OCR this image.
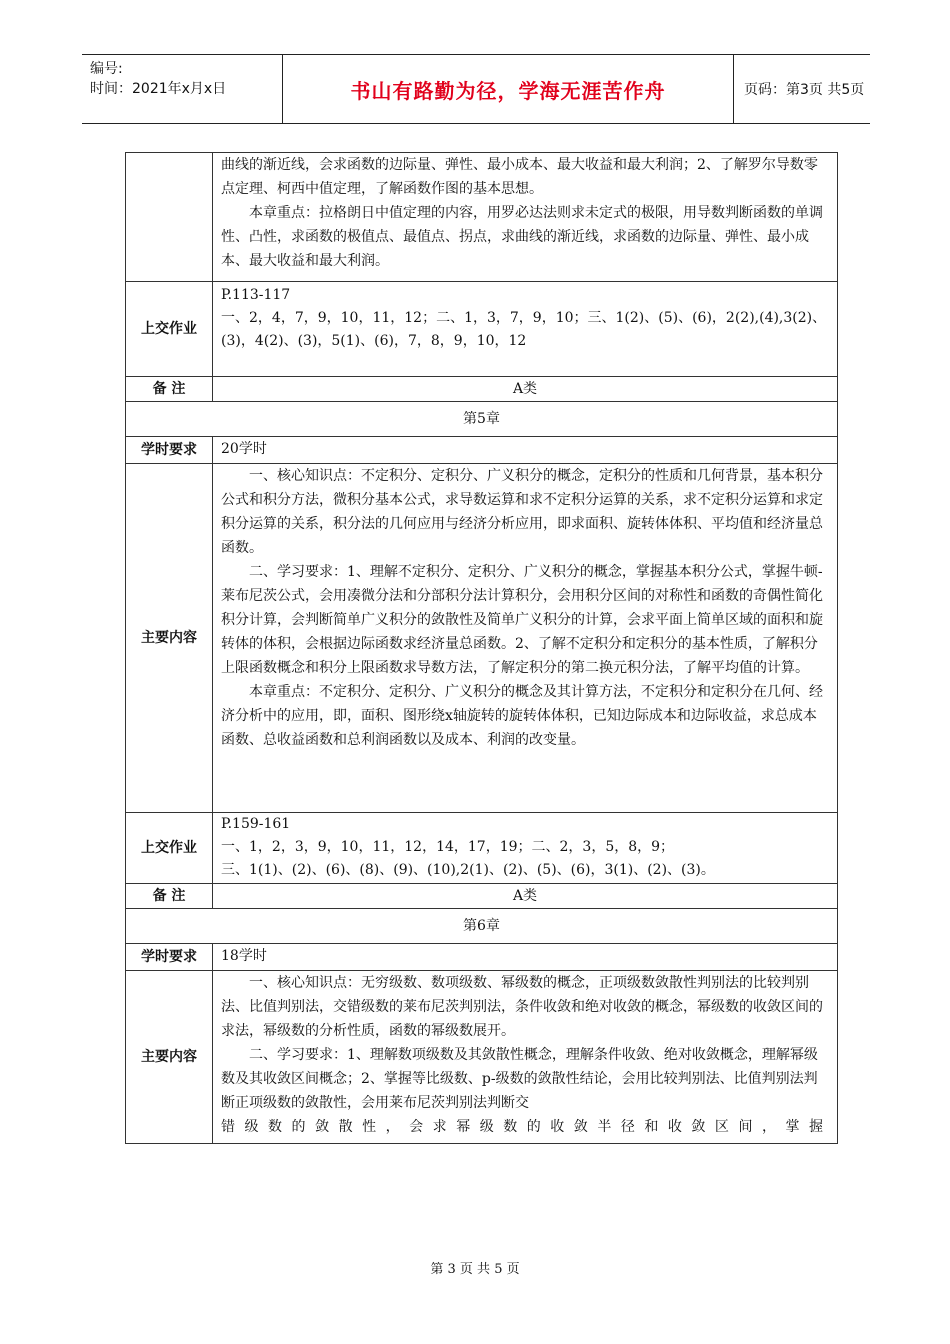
编号:
时间：2021年x月x日	书山有路勤为径，学海无涯苦作舟	页码：第3页 共5页

	曲线的渐近线，会求函数的边际量、弹性、最小成本、最大收益和最大利润；2、了解罗尔导数零点定理、柯西中值定理，了解函数作图的基本思想。

本章重点：拉格朗日中值定理的内容，用罗必达法则求未定式的极限，用导数判断函数的单调性、凸性，求函数的极值点、最值点、拐点，求曲线的渐近线，求函数的边际量、弹性、最小成本、最大收益和最大利润。

上交作业	P.113-117

一、2，4，7，9，10，11，12；二、1，3，7，9，10；三、1(2)、(5)、(6)，2(2),(4),3(2)、

(3)，4(2)、(3)，5(1)、(6)，7，8，9，10，12

备 注	A类
第5章	
学时要求	20学时
主要内容	一、核心知识点：不定积分、定积分、广义积分的概念，定积分的性质和几何背景，基本积分公式和积分方法，微积分基本公式，求导数运算和求不定积分运算的关系，求不定积分运算和求定积分运算的关系，积分法的几何应用与经济分析应用，即求面积、旋转体体积、平均值和经济量总函数。

二、学习要求：1、理解不定积分、定积分、广义积分的概念，掌握基本积分公式，掌握牛顿-莱布尼茨公式，会用凑微分法和分部积分法计算积分，会用积分区间的对称性和函数的奇偶性简化积分计算，会判断简单广义积分的敛散性及简单广义积分的计算，会求平面上简单区域的面积和旋转体的体积，会根据边际函数求经济量总函数。2、了解不定积分和定积分的基本性质，了解积分上限函数概念和积分上限函数求导数方法，了解定积分的第二换元积分法，了解平均值的计算。

本章重点：不定积分、定积分、广义积分的概念及其计算方法，不定积分和定积分在几何、经济分析中的应用，即，面积、图形绕x轴旋转的旋转体体积，已知边际成本和边际收益，求总成本函数、总收益函数和总利润函数以及成本、利润的改变量。

上交作业	P.159-161

一、1，2，3，9，10，11，12，14，17，19；二、2，3，5，8，9；

三、1(1)、(2)、(6)、(8)、(9)、(10),2(1)、(2)、(5)、(6)，3(1)、(2)、(3)。

备 注	A类
第6章	
学时要求	18学时
主要内容	一、核心知识点：无穷级数、数项级数、幂级数的概念，正项级数敛散性判别法的比较判别法、比值判别法，交错级数的莱布尼茨判别法，条件收敛和绝对收敛的概念，幂级数的收敛区间的求法，幂级数的分析性质，函数的幂级数展开。

二、学习要求：1、理解数项级数及其敛散性概念，理解条件收敛、绝对收敛概念，理解幂级数及其收敛区间概念；2、掌握等比级数、p-级数的敛散性结论，会用比较判别法、比值判别法判断正项级数的敛散性，会用莱布尼茨判别法判断交

错级数的敛散性，会求幂级数的收敛半径和收敛区间，掌握

第 3 页 共 5 页
